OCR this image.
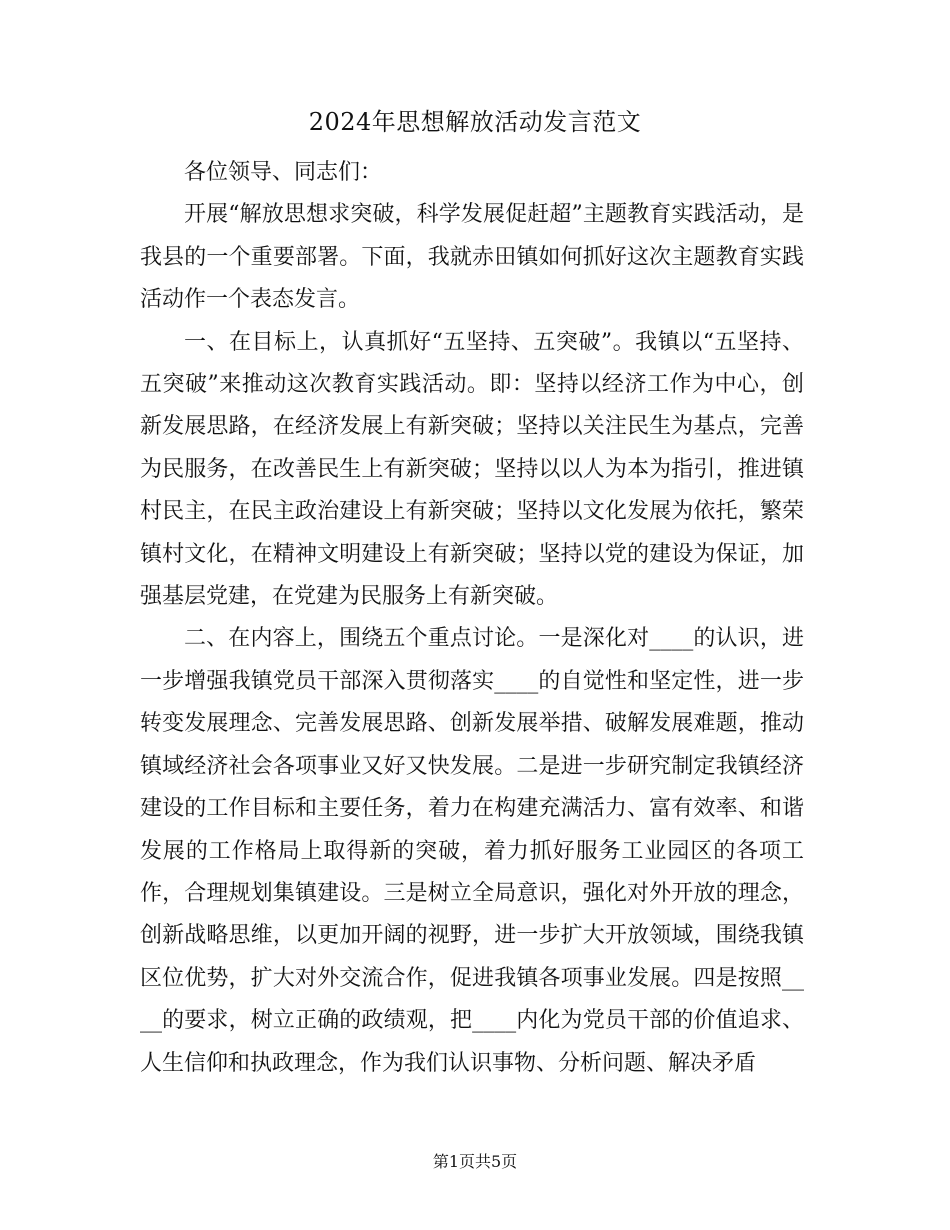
2024年思想解放活动发言范文

各位领导、同志们：

开展“解放思想求突破，科学发展促赶超”主题教育实践活动，是我县的一个重要部署。下面，我就赤田镇如何抓好这次主题教育实践活动作一个表态发言。

一、在目标上，认真抓好“五坚持、五突破”。我镇以“五坚持、五突破”来推动这次教育实践活动。即：坚持以经济工作为中心，创新发展思路，在经济发展上有新突破；坚持以关注民生为基点，完善为民服务，在改善民生上有新突破；坚持以以人为本为指引，推进镇村民主，在民主政治建设上有新突破；坚持以文化发展为依托，繁荣镇村文化，在精神文明建设上有新突破；坚持以党的建设为保证，加强基层党建，在党建为民服务上有新突破。

二、在内容上，围绕五个重点讨论。一是深化对____的认识，进一步增强我镇党员干部深入贯彻落实____的自觉性和坚定性，进一步转变发展理念、完善发展思路、创新发展举措、破解发展难题，推动镇域经济社会各项事业又好又快发展。二是进一步研究制定我镇经济建设的工作目标和主要任务，着力在构建充满活力、富有效率、和谐发展的工作格局上取得新的突破，着力抓好服务工业园区的各项工作，合理规划集镇建设。三是树立全局意识，强化对外开放的理念，创新战略思维，以更加开阔的视野，进一步扩大开放领域，围绕我镇区位优势，扩大对外交流合作，促进我镇各项事业发展。四是按照____的要求，树立正确的政绩观，把____内化为党员干部的价值追求、人生信仰和执政理念，作为我们认识事物、分析问题、解决矛盾

第1页共5页
